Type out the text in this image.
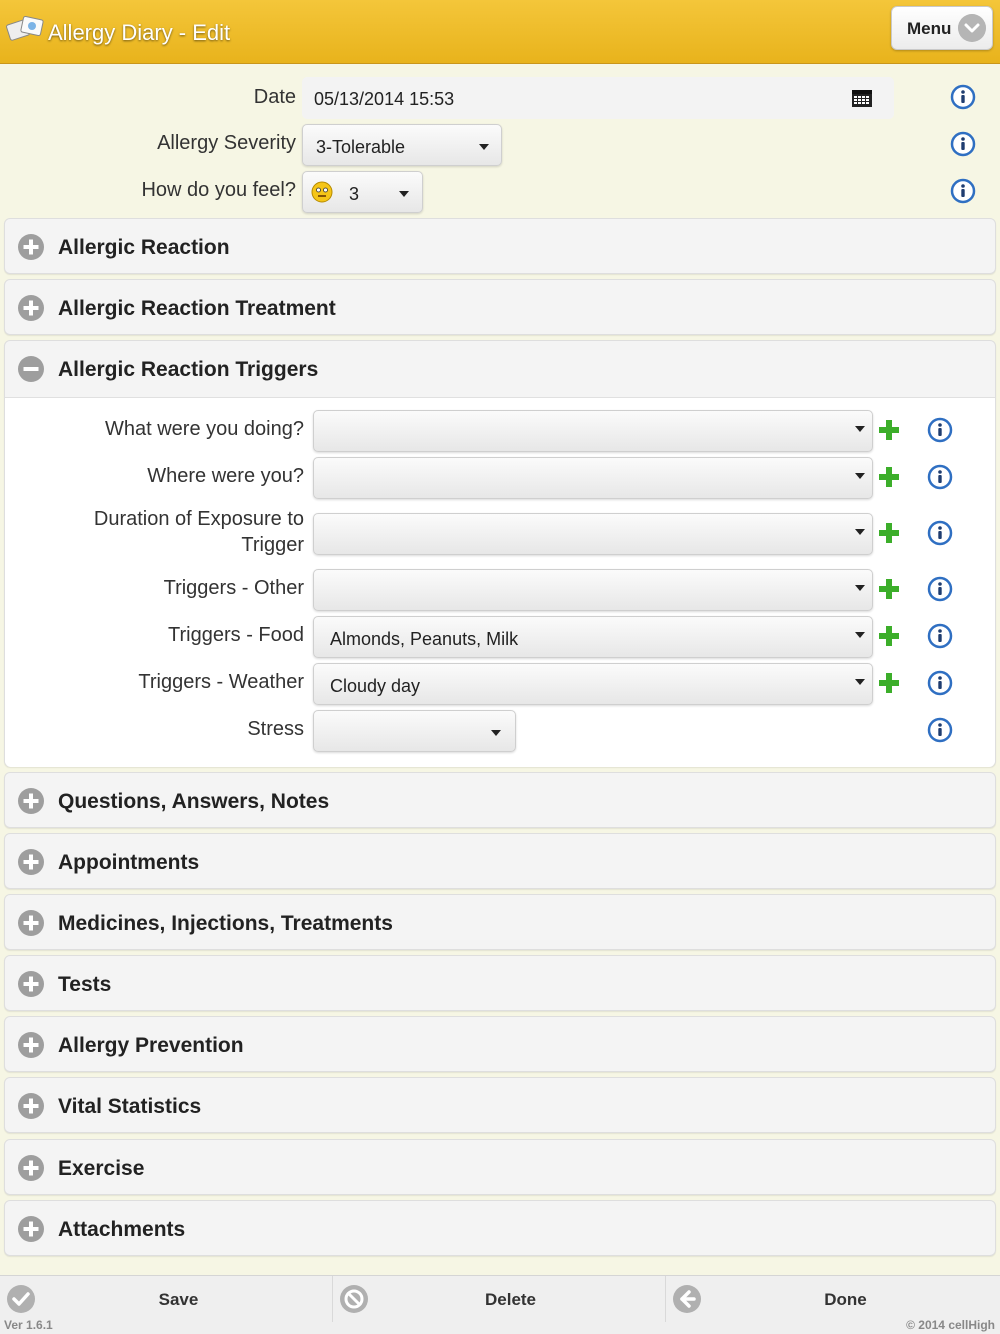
Allergy Diary - Edit	Menu
Date 05/13/2014 15:53
Allergy Severity 3-Tolerable
How do you feel?	3
Allergic Reaction
Allergic Reaction Treatment
Allergic Reaction Triggers
What were you doing?
Where were you?
Duration of Exposure to
Trigger
Triggers - Other
Triggers - Food Almonds, Peanuts, Milk
Triggers - Weather Cloudy day
Stress
Questions, Answers, Notes
Appointments
Medicines, Injections, Treatments
Tests
Allergy Prevention
Vital Statistics
Exercise
Attachments
Save	Delete	Done
Ver 1.6.1	© 2014 cellHigh
